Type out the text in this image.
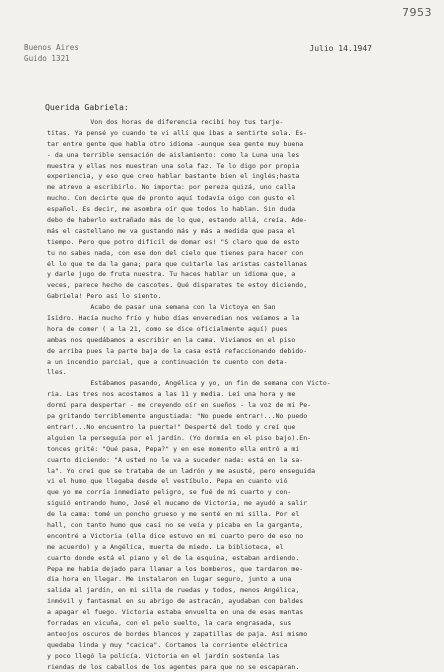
7953
Buenos Aires
Guido 1321
Julio 14.1947
Querida Gabriela:
Von dos horas de diferencia recibí hoy tus tarje-
titas. Ya pensé yo cuando te vi allí que ibas a sentirte sola. Es-
tar entre gente que habla otro idioma -aunque sea gente muy buena
- da una terrible sensación de aislamiento: como la Luna una les
muestra y ellas nos muestran una sola faz. Te lo digo por propia
experiencia, y eso que creo hablar bastante bien el inglés;hasta
me atrevo a escribirlo. No importa: por pereza quizá, uno calla
mucho. Con decirte que de pronto aquí todavía oigo con gusto el
español. Es decir, me asombra oír que todos lo hablan. Sin duda
debo de haberlo extrañado más de lo que, estando allá, creía. Ade-
más el castellano me va gustando más y más a medida que pasa el
tiempo. Pero que potro difícil de domar es! "S claro que de esto
tu no sabes nada, con ese don del cielo que tienes para hacer con
él lo que te da la gana; para que cuitarle las aristas castellanas
y darle jugo de fruta nuestra. Tu haces hablar un idioma que, a
veces, parece hecho de cascotes. Qué disparates te estoy diciendo,
Gabriela! Pero así lo siento.
Acabo de pasar una semana con la Victoya en San
Isidro. Hacía mucho frío y hubo días enveredian nos veíamos a la
hora de comer ( a la 21, como se dice oficialmente aquí) pues
ambas nos quedábamos a escribir en la cama. Vivíamos en el piso
de arriba pues la parte baja de la casa está refaccionando debido-
a un incendio parcial, que a continuación te cuento con deta-
lles.
Estábamos pasando, Angélica y yo, un fin de semana con Victo-
ria. Las tres nos acostamos a las 11 y media. Leí una hora y me
dormí para despertar - me creyendo oír en sueños - la voz de mi Pe-
pa gritando terriblemente angustiada: "No puede entrar!...No puedo
entrar!...No encuentro la puerta!" Desperté del todo y creí que
alguien la perseguía por el jardín. (Yo dormía en el piso bajo).En-
tonces grité: "Qué pasa, Pepa?" y en ese momento ella entró a mi
cuarto diciendo: "A usted no le va a suceder nada: está en la sa-
la". Yo creí que se trataba de un ladrón y me asusté, pero enseguida
vi el humo que llegaba desde el vestíbulo. Pepa en cuanto vió
que yo me corría inmediato peligro, se fué de mi cuarto y con-
siguió entrando humo, José el mucamo de Victoria, me ayudó a salir
de la cama: tomé un poncho grueso y me senté en mi silla. Por el
hall, con tanto humo que casi no se veía y picaba en la garganta,
encontré a Victoria (ella dice estuvo en mi cuarto pero de eso no
me acuerdo) y a Angélica, muerta de miedo. La biblioteca, el
cuarto donde está el piano y el de la esquina, estaban ardiendo.
Pepa me había dejado para llamar a los bomberos, que tardaron me-
dia hora en llegar. Me instalaron en lugar seguro, junto a una
salida al jardín, en mi silla de ruedas y todos, menos Angélica,
inmóvil y fantasmal en su abrigo de astracán, ayudaban con baldes
a apagar el fuego. Victoria estaba envuelta en una de esas mantas
forradas en vicuña, con el pelo suelto, la cara engrasada, sus
anteojos oscuros de bordes blancos y zapatillas de paja. Así mismo
quedaba linda y muy "cacica". Cortamos la corriente eléctrica
y poco llegó la policía. Victoria en el jardín sostenía las
riendas de los caballos de los agentes para que no se escaparan.
